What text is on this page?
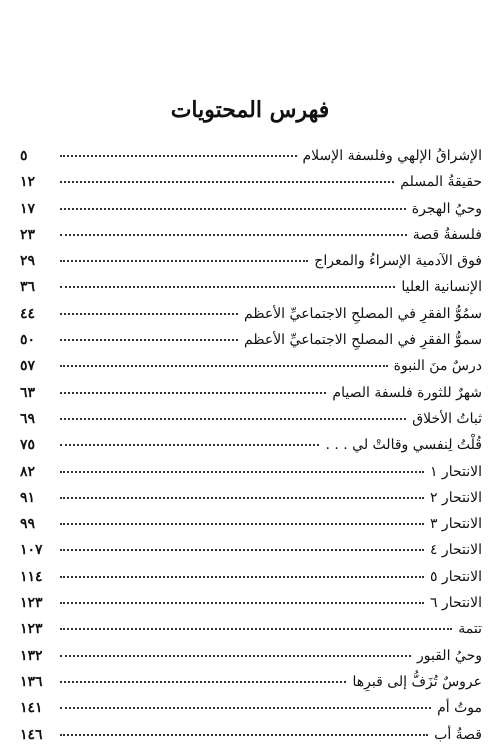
فهرس المحتويات
الإشراقُ الإلهي وفلسفة الإسلام
٥
حقيقةُ المسلم
١٢
وحيُ الهجرة
١٧
فلسفةُ قصة
٢٣
فوق الآدمية الإسراءُ والمعراج
٢٩
الإنسانية العليا
٣٦
سمُوُّ الفقرِ في المصلحِ الاجتماعيِّ الأعظم
٤٤
سموُّ الفقرِ في المصلحِ الاجتماعيِّ الأعظم
٥٠
درسٌ منَ النبوة
٥٧
شهرٌ للثورة فلسفة الصيام
٦٣
ثباتُ الأخلاق
٦٩
قُلْتُ لِنفسي وقالتْ لي . . .
٧٥
الانتحار ١
٨٢
الانتحار ٢
٩١
الانتحار ٣
٩٩
الانتحار ٤
١٠٧
الانتحار ٥
١١٤
الانتحار ٦
١٢٣
تتمة
١٢٣
وحيُ القبور
١٣٢
عروسٌ تُزَفُّ إلى قبرِها
١٣٦
موتُ أم
١٤١
قصةُ أب
١٤٦
